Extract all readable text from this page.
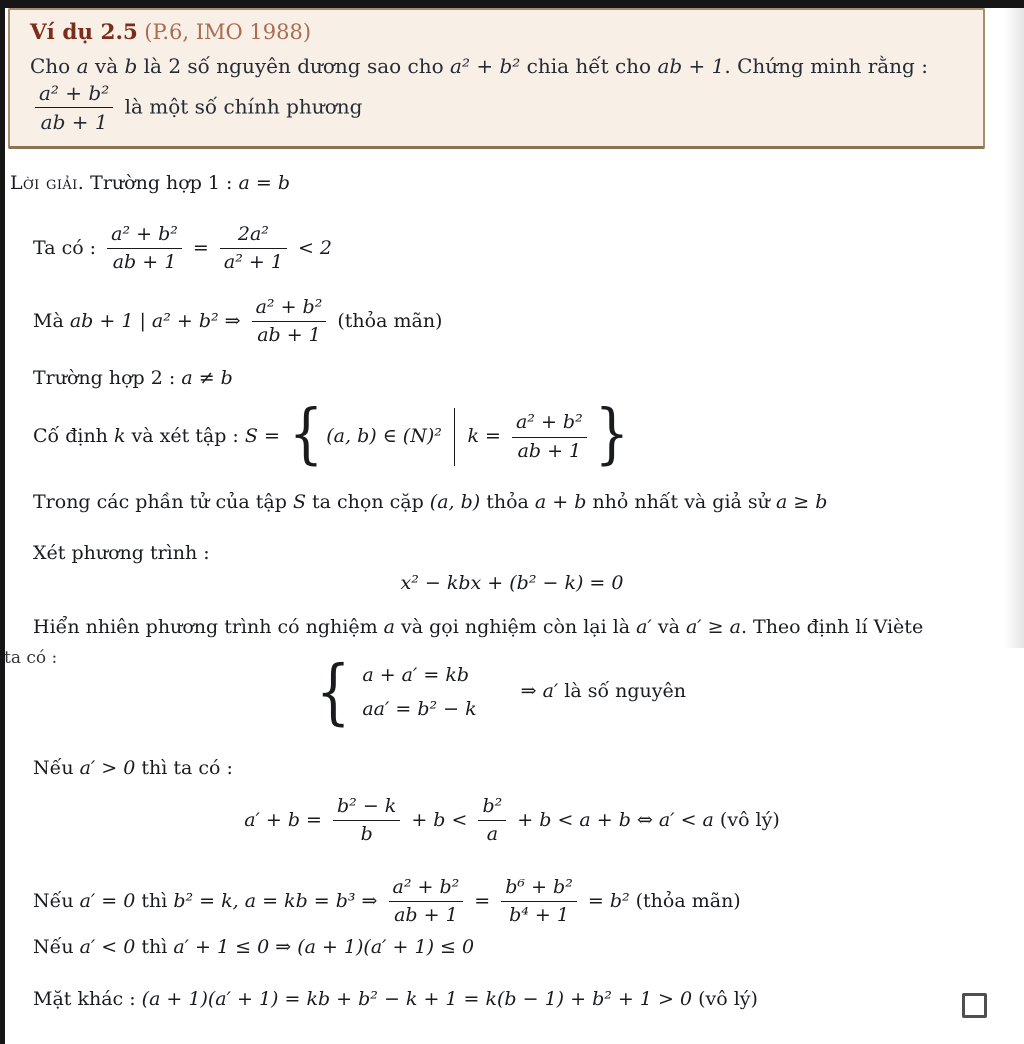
Ví dụ 2.5 (P.6, IMO 1988)
Cho a và b là 2 số nguyên dương sao cho a² + b² chia hết cho ab + 1. Chứng minh rằng :
$\frac{\text{a² + b²}}{ab + 1}$ là một số chính phương
Lời giải. Trường hợp 1 : a = b
Ta có : $\frac{\text{a² + b²}}{ab + 1} = \frac{\text{2a²}}{\text{a² + 1}} < 2$
Mà ab + 1 | a² + b² ⇒ $\frac{\text{a² + b²}}{ab + 1}$ (thỏa mãn)
Trường hợp 2 : a ≠ b
Cố định k và xét tập : S = { (a, b) ∈ (N)² $k = \frac{\text{a² + b²}}{ab + 1}$ }
Trong các phần tử của tập S ta chọn cặp (a, b) thỏa a + b nhỏ nhất và giả sử a ≥ b
Xét phương trình :
x² − kbx + (b² − k) = 0
Hiển nhiên phương trình có nghiệm a và gọi nghiệm còn lại là a′ và a′ ≥ a. Theo định lí Viète
ta có :	{ a + a′ = kb
aa′ = b² − k
⇒ a′ là số nguyên
Nếu a′ > 0 thì ta có :
$a' + b = \frac{\text{b² − k}}{b} + b < \frac{\text{b²}}{a} + b < a + b$ ⇔ a′ < a (vô lý)
Nếu a′ = 0 thì b² = k, a = kb = b³ ⇒ $\frac{\text{a² + b²}}{ab + 1} = \frac{\text{b⁶ + b²}}{\text{b⁴ + 1}} = b^2$ (thỏa mãn)
Nếu a′ < 0 thì a′ + 1 ≤ 0 ⇒ (a + 1)(a′ + 1) ≤ 0
Mặt khác : (a + 1)(a′ + 1) = kb + b² − k + 1 = k(b − 1) + b² + 1 > 0 (vô lý)
